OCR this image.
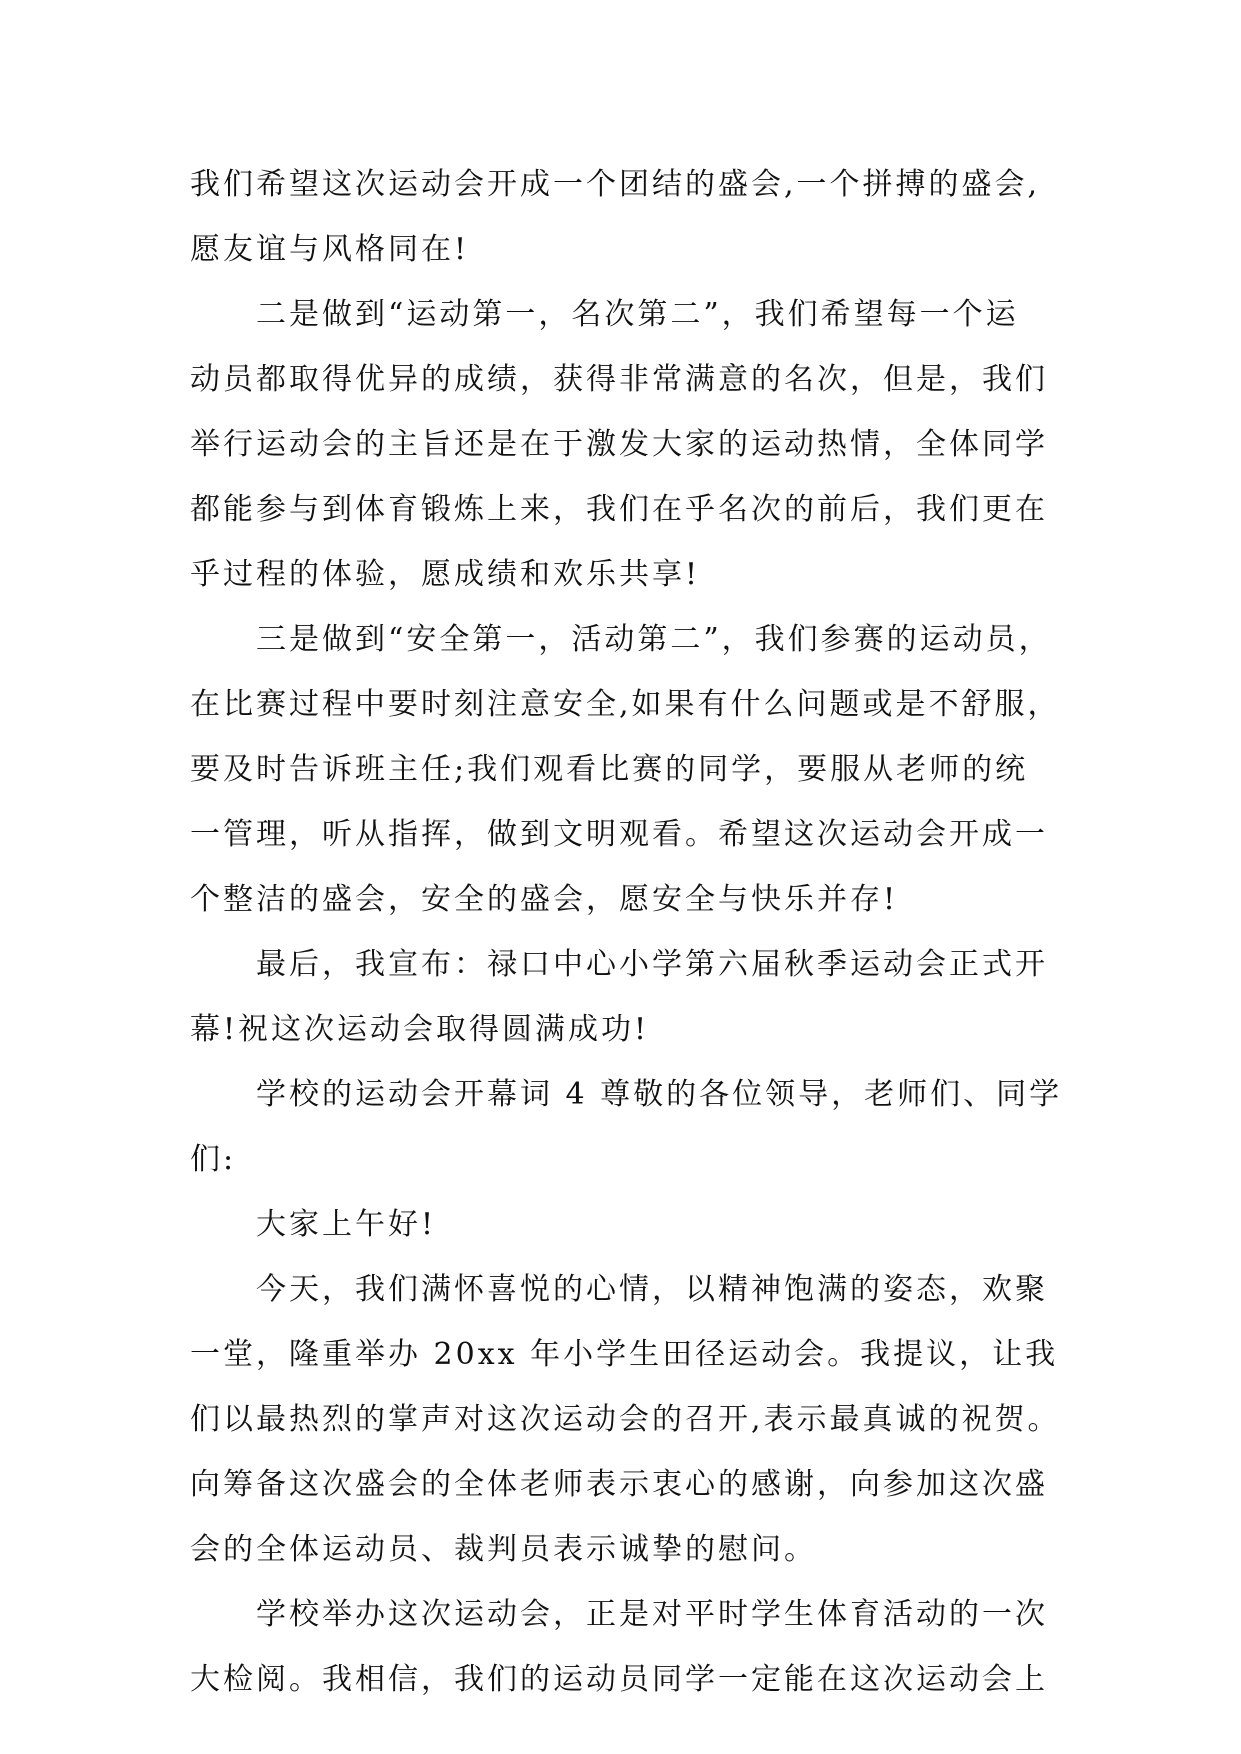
我们希望这次运动会开成一个团结的盛会,一个拼搏的盛会,
愿友谊与风格同在!
二是做到“运动第一，名次第二”，我们希望每一个运
动员都取得优异的成绩，获得非常满意的名次，但是，我们
举行运动会的主旨还是在于激发大家的运动热情，全体同学
都能参与到体育锻炼上来，我们在乎名次的前后，我们更在
乎过程的体验，愿成绩和欢乐共享!
三是做到“安全第一，活动第二”，我们参赛的运动员，
在比赛过程中要时刻注意安全,如果有什么问题或是不舒服，
要及时告诉班主任;我们观看比赛的同学，要服从老师的统
一管理，听从指挥，做到文明观看。希望这次运动会开成一
个整洁的盛会，安全的盛会，愿安全与快乐并存!
最后，我宣布：禄口中心小学第六届秋季运动会正式开
幕!祝这次运动会取得圆满成功!
学校的运动会开幕词 4 尊敬的各位领导，老师们、同学
们:
大家上午好!
今天，我们满怀喜悦的心情，以精神饱满的姿态，欢聚
一堂，隆重举办 20xx 年小学生田径运动会。我提议，让我
们以最热烈的掌声对这次运动会的召开,表示最真诚的祝贺。
向筹备这次盛会的全体老师表示衷心的感谢，向参加这次盛
会的全体运动员、裁判员表示诚挚的慰问。
学校举办这次运动会，正是对平时学生体育活动的一次
大检阅。我相信，我们的运动员同学一定能在这次运动会上
